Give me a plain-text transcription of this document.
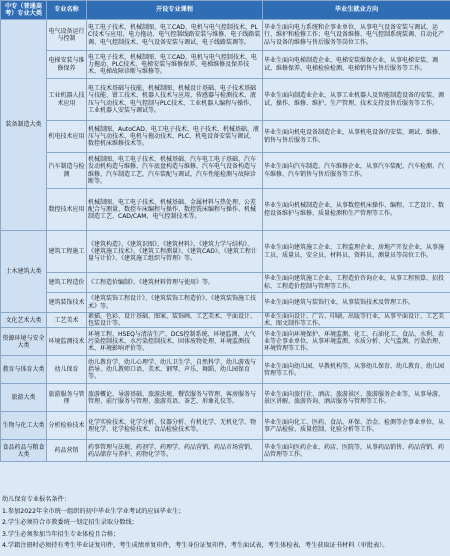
中专（普通高考）专业大类	专业名称	开设专业课程	毕业生就业方向
装备制造大类	电气设备运行与控制	电工电子技术、机械制图、电工CAD、电机与电气控制技术、PLC技术与应用、电力拖动、电气控制线路安装与维修、电子线路装调、电气控制技术、电气设备安装与调试、电子线路装调等。	毕业生面向电力系统和企事业单位，从事电气设备安装与调试、运行、维护和检修工作；电气设备维修、电气控制系统装调、自动化产品与设备的维修与售后服务等岗位工作。
	电梯安装与维修保养	电工电子技术、机械制图、电工CAD、电机与电气控制技术、电力拖动、PLC技术、电梯安装与维修保养、电梯维修及保养技术、电梯故障诊断与维修等。	毕业生面向电梯制造企业、电梯安装维保企业，从事电梯安装、调试、维修保养、电梯检验检测、电梯销售与售后服务等工作。
	工业机器人技术应用	电工技术基础与技能、机械制图、机械设计基础、电子技术基础与技能、钳工技术、机器人技术与应用、传感器与检测技术、液压与气动技术、电气控制与PLC技术、工业机器人编程与操作、工业机器人安装与调试等。	毕业生面向制造业企业，从事工业机器人及智能制造设备的安装、调试、操作、维修、维护、生产管理、技术支持及售后服务等工作。
	机电技术应用	机械制图、AutoCAD、电工电子技术、电子技术、机械基础、液压与气动技术、电机与拖动技术、PLC、机电设备安装与调试、数控机床维修技术等。	毕业生面向机电设备制造企业，从事机电设备的安装、调试、维修、销售与售后服务工作。
	汽车制造与检测	机械制图、电工电子技术、机械基础、汽车电工电子基础、汽车发动机构造与维修、汽车底盘构造与维修、汽车电气设备构造与维修、汽车制造工艺、汽车装配与调试、汽车性能检测与故障诊断等。	毕业生面向汽车制造、汽车维修企业，从事汽车装配、汽车检测、汽车维修、汽车销售与售后服务等工作。
	数控技术应用	机械制图、电工电子技术、机械基础、金属材料与热处理、公差配合与测量、数控车床编程与操作、数控铣床编程与操作、机械制造工艺、CAD/CAM、电气控制技术等。	毕业生面向机械制造企业，从事数控机床操作、编程、工艺设计、数控设备维护与维修、质量检测和生产管理等工作。
土木建筑大类	建筑工程施工	《建筑构造》、《建筑识图》、《建筑材料》、《建筑力学与结构》、《建筑施工技术》、《建筑工程测量》、《建筑CAD》、《建筑工程计量与计价》、《建筑施工组织与管理》等。	毕业生面向建筑施工企业、工程监理企业、房地产开发企业，从事施工员、质量员、安全员、材料员、资料员、测量员等岗位工作。
	建筑工程造价	《工程造价编制》、《建筑材料管理与使用》等。	毕业生面向建筑施工企业、工程造价咨询企业，从事工程预算、招投标、工程造价控制与管理等工作。
	建筑装饰技术	《建筑装饰工程设计》、《建筑装饰工程造价》、《建筑装饰施工技术》等。	毕业生面向建筑与装饰行业，从事装饰技术及管理工作。
文化艺术大类	工艺美术	素描、色彩、设计基础、图案、装饰画、工艺美术、平面设计、包装设计等。	毕业生面向设计、广告、印刷、出版等行业，从事平面设计、工艺美术、图文制作等工作。
资源环境与安全大类	环境监测技术	环境工程、HSEQ与清洁生产、DCS控制系统、环境监测、大气污染控制技术、水污染控制技术、固体废物处理、环境监测技术、环境影响评价等。	毕业生面向环境保护、环境监测、化工、石油化工、食品、水利、农业等企事业单位，从事环境监测、水质分析、大气监测、污染治理、环境管理等工作。
教育与体育大类	幼儿保育	幼儿教育学、幼儿心理学、幼儿卫生学、自然科学、幼儿游戏与指导、幼儿教师口语、美术、钢琴、声乐、舞蹈、幼儿园保育等。	毕业生面向幼儿园、早教机构等，从事幼儿保育、幼儿教育、幼儿园管理等工作。
旅游大类	旅游服务与管理	旅游概论、导游基础、旅游法规、餐饮服务与管理、客房服务与管理、前厅服务与管理、旅游英语、茶艺、形象礼仪等。	毕业生面向旅行社、酒店、旅游景区、旅游服务企业等，从事导游、景区讲解、旅游咨询、酒店服务与管理等工作。
生物与化工大类	分析检验技术	化学实验技术、化学分析、仪器分析、有机化学、无机化学、物理化学、化学检验技术、食品检验技术等。	毕业生面向化工、医药、食品、环保、冶金、检测等企事业单位，从事产品检验、质量控制、化验分析等工作。
食品药品与粮食大类	药品营销	药事管理与法规、药剂学、药理学、药品营销、药品市场营销、药品储存与养护、药物化学等。	毕业生面向医药企业、药店、医院等，从事药品销售、药品营销、药品管理等工作。
幼儿保育专业报名条件：
1.参加2022年全市统一组织的初中毕业生学业考试的应届毕业生；
2.学生必须符合市教委统一划定招生录取分数线；
3.学生必须参加当年招生专业体检且合格；
4.学籍注册时必须持有考生毕业证复印件，考生成绩单复印件，考生身份证复印件，考生面试表，考生体检表，考生获取证书材料（审批表）。
